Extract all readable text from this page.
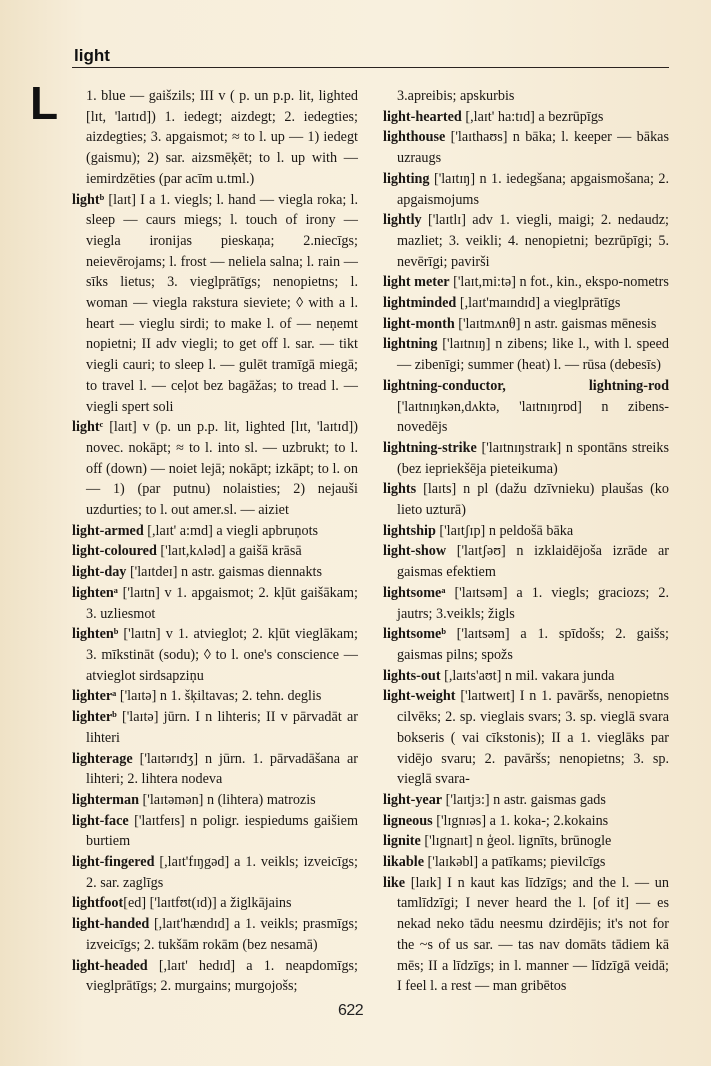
light
L	1. blue — gaišzils; III v ( p. un p.p. lit, lighted [lɪt, 'laɪtɪd]) 1. iedegt; aizdegt; 2. iedegties; aizdegties; 3. apgaismot; ≈ to l. up — 1) iedegt (gaismu); 2) sar. aizsmēķēt; to l. up with — iemirdzēties (par acīm u.tml.)

lightᵇ [laɪt] I a 1. viegls; l. hand — viegla roka; l. sleep — caurs miegs; l. touch of irony — viegla ironijas pieskaņa; 2.niecīgs; neievērojams; l. frost — neliela salna; l. rain — sīks lietus; 3. vieglprātīgs; nenopietns; l. woman — viegla rakstura sieviete; ◊ with a l. heart — vieglu sirdi; to make l. of — neņemt nopietni; II adv viegli; to get off l. sar. — tikt viegli cauri; to sleep l. — gulēt tramīgā miegā; to travel l. — ceļot bez bagāžas; to tread l. — viegli spert soli

lightᶜ [laɪt] v (p. un p.p. lit, lighted [lɪt, 'laɪtɪd]) novec. nokāpt; ≈ to l. into sl. — uzbrukt; to l. off (down) — noiet lejā; nokāpt; izkāpt; to l. on — 1) (par putnu) nolaisties; 2) nejauši uzdurties; to l. out amer.sl. — aiziet

light-armed [,laɪt' a:md] a viegli apbruņots

light-coloured ['laɪt,kʌləd] a gaišā krāsā

light-day ['laɪtdeɪ] n astr. gaismas diennakts

lightenᵃ ['laɪtn] v 1. apgaismot; 2. kļūt gaišākam; 3. uzliesmot

lightenᵇ ['laɪtn] v 1. atvieglot; 2. kļūt vieglākam; 3. mīkstināt (sodu); ◊ to l. one's conscience — atvieglot sirdsapziņu

lighterᵃ ['laɪtə] n 1. šķiltavas; 2. tehn. deglis

lighterᵇ ['laɪtə] jūrn. I n lihteris; II v pārvadāt ar lihteri

lighterage ['laɪtərɪdʒ] n jūrn. 1. pārvadāšana ar lihteri; 2. lihtera nodeva

lighterman ['laɪtəmən] n (lihtera) matrozis

light-face ['laɪtfeɪs] n poligr. iespiedums gaišiem burtiem

light-fingered [,laɪt'fɪŋgəd] a 1. veikls; izveicīgs; 2. sar. zaglīgs

lightfoot[ed] ['laɪtfʊt(ɪd)] a žiglkājains

light-handed [,laɪt'hændɪd] a 1. veikls; prasmīgs; izveicīgs; 2. tukšām rokām (bez nesamā)

light-headed [,laɪt' hedɪd] a 1. neapdomīgs; vieglprātīgs; 2. murgains; murgojošs;

3.apreibis; apskurbis

light-hearted [,laɪt' ha:tɪd] a bezrūpīgs

lighthouse ['laɪthaʊs] n bāka; l. keeper — bākas uzraugs

lighting ['laɪtɪŋ] n 1. iedegšana; apgaismošana; 2. apgaismojums

lightly ['laɪtlɪ] adv 1. viegli, maigi; 2. nedaudz; mazliet; 3. veikli; 4. nenopietni; bezrūpīgi; 5. nevērīgi; pavirši

light meter ['laɪt,mi:tə] n fot., kin., ekspo-nometrs

lightminded [,laɪt'maɪndɪd] a vieglprātīgs

light-month ['laɪtmʌnθ] n astr. gaismas mēnesis

lightning ['laɪtnɪŋ] n zibens; like l., with l. speed — zibenīgi; summer (heat) l. — rūsa (debesīs)

lightning-conductor, lightning-rod ['laɪtnɪŋkən,dʌktə, 'laɪtnɪŋrɒd] n zibens-novedējs

lightning-strike ['laɪtnɪŋstraɪk] n spontāns streiks (bez iepriekšēja pieteikuma)

lights [laɪts] n pl (dažu dzīvnieku) plaušas (ko lieto uzturā)

lightship ['laɪtʃɪp] n peldošā bāka

light-show ['laɪtʃəʊ] n izklaidējoša izrāde ar gaismas efektiem

lightsomeᵃ ['laɪtsəm] a 1. viegls; graciozs; 2. jautrs; 3.veikls; žigls

lightsomeᵇ ['laɪtsəm] a 1. spīdošs; 2. gaišs; gaismas pilns; spožs

lights-out [,laɪts'aʊt] n mil. vakara junda

light-weight ['laɪtweɪt] I n 1. pavāršs, nenopietns cilvēks; 2. sp. vieglais svars; 3. sp. vieglā svara bokseris ( vai cīkstonis); II a 1. vieglāks par vidējo svaru; 2. pavāršs; nenopietns; 3. sp. vieglā svara-

light-year ['laɪtjɜ:] n astr. gaismas gads

ligneous ['lɪgnɪəs] a 1. koka-; 2.kokains

lignite ['lɪgnaɪt] n ģeol. lignīts, brūnogle

likable ['laɪkəbl] a patīkams; pievilcīgs

like [laɪk] I n kaut kas līdzīgs; and the l. — un tamlīdzīgi; I never heard the l. [of it] — es nekad neko tādu neesmu dzirdējis; it's not for the ~s of us sar. — tas nav domāts tādiem kā mēs; II a līdzīgs; in l. manner — līdzīgā veidā; I feel l. a rest — man gribētos

622
